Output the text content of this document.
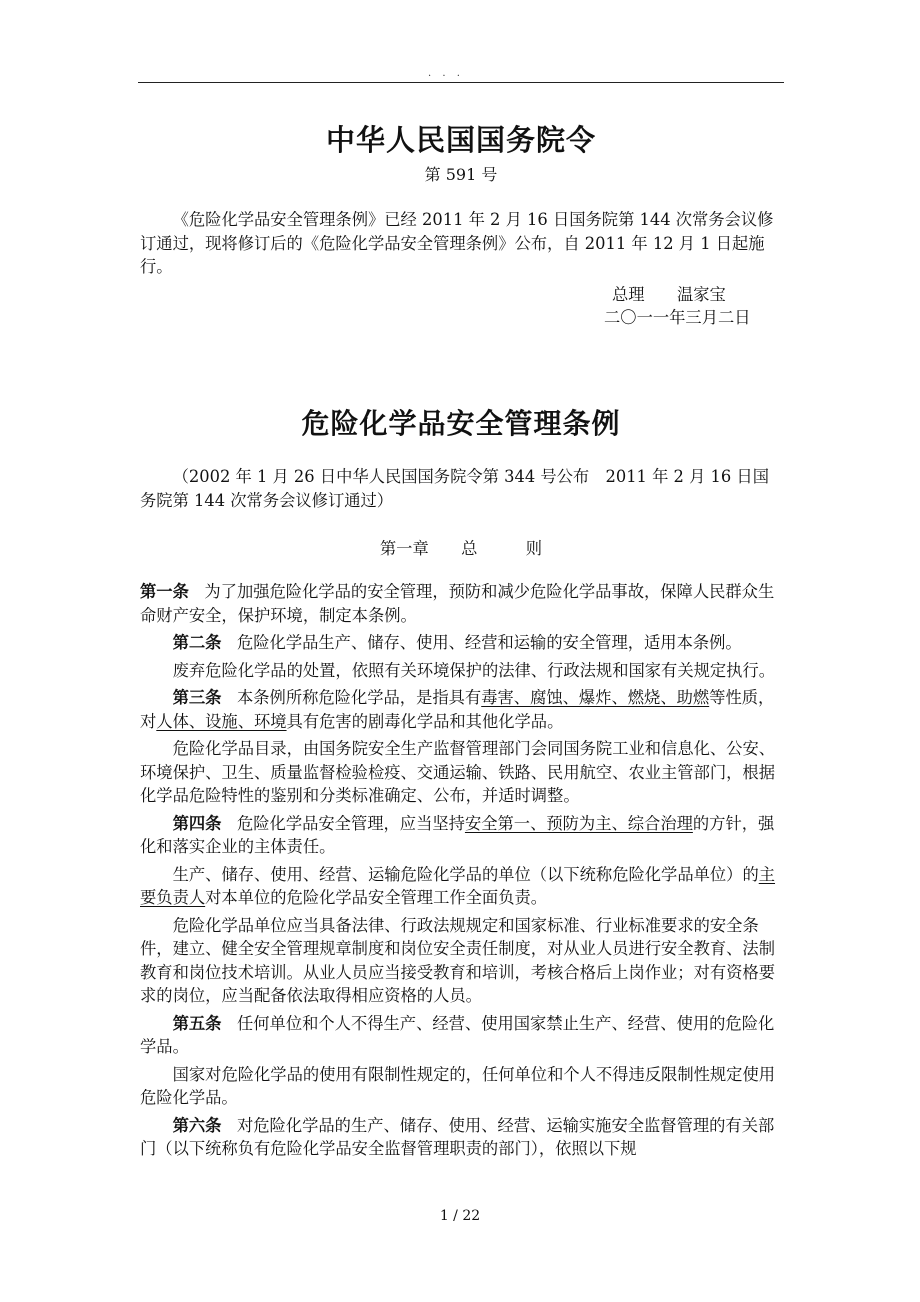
. . .
中华人民国国务院令
第 591 号
《危险化学品安全管理条例》已经 2011 年 2 月 16 日国务院第 144 次常务会议修订通过，现将修订后的《危险化学品安全管理条例》公布，自 2011 年 12 月 1 日起施行。
总理 温家宝
二〇一一年三月二日
危险化学品安全管理条例
（2002 年 1 月 26 日中华人民国国务院令第 344 号公布　2011 年 2 月 16 日国务院第 144 次常务会议修订通过）
第一章 总	则

第一条 为了加强危险化学品的安全管理，预防和减少危险化学品事故，保障人民群众生命财产安全，保护环境，制定本条例。

第二条 危险化学品生产、储存、使用、经营和运输的安全管理，适用本条例。

废弃危险化学品的处置，依照有关环境保护的法律、行政法规和国家有关规定执行。

第三条 本条例所称危险化学品，是指具有毒害、腐蚀、爆炸、燃烧、助燃等性质，对人体、设施、环境具有危害的剧毒化学品和其他化学品。

危险化学品目录，由国务院安全生产监督管理部门会同国务院工业和信息化、公安、环境保护、卫生、质量监督检验检疫、交通运输、铁路、民用航空、农业主管部门，根据化学品危险特性的鉴别和分类标准确定、公布，并适时调整。

第四条 危险化学品安全管理，应当坚持安全第一、预防为主、综合治理的方针，强化和落实企业的主体责任。

生产、储存、使用、经营、运输危险化学品的单位（以下统称危险化学品单位）的主要负责人对本单位的危险化学品安全管理工作全面负责。

危险化学品单位应当具备法律、行政法规规定和国家标准、行业标准要求的安全条件，建立、健全安全管理规章制度和岗位安全责任制度，对从业人员进行安全教育、法制教育和岗位技术培训。从业人员应当接受教育和培训，考核合格后上岗作业；对有资格要求的岗位，应当配备依法取得相应资格的人员。

第五条 任何单位和个人不得生产、经营、使用国家禁止生产、经营、使用的危险化学品。

国家对危险化学品的使用有限制性规定的，任何单位和个人不得违反限制性规定使用危险化学品。

第六条 对危险化学品的生产、储存、使用、经营、运输实施安全监督管理的有关部门（以下统称负有危险化学品安全监督管理职责的部门），依照以下规

1 / 22
